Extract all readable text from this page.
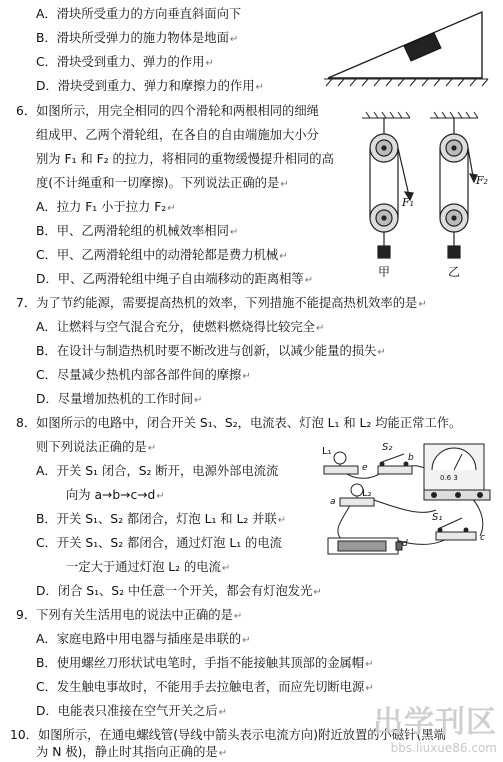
A．滑块所受重力的方向垂直斜面向下
B．滑块所受弹力的施力物体是地面↵
C．滑块受到重力、弹力的作用↵
D．滑块受到重力、弹力和摩擦力的作用↵
6．如图所示，用完全相同的四个滑轮和两根相同的细绳
组成甲、乙两个滑轮组，在各自的自由端施加大小分
别为 F₁ 和 F₂ 的拉力，将相同的重物缓慢提升相同的高
度(不计绳重和一切摩擦)。下列说法正确的是↵
A．拉力 F₁ 小于拉力 F₂↵
B．甲、乙两滑轮组的机械效率相同↵
C．甲、乙两滑轮组中的动滑轮都是费力机械↵
D．甲、乙两滑轮组中绳子自由端移动的距离相等↵
F₁
甲
F₂
乙
7．为了节约能源，需要提高热机的效率，下列措施不能提高热机效率的是↵
A．让燃料与空气混合充分，使燃料燃烧得比较完全↵
B．在设计与制造热机时要不断改进与创新，以减少能量的损失↵
C．尽量减少热机内部各部件间的摩擦↵
D．尽量增加热机的工作时间↵
8．如图所示的电路中，闭合开关 S₁、S₂，电流表、灯泡 L₁ 和 L₂ 均能正常工作。
则下列说法正确的是↵
A．开关 S₁ 闭合，S₂ 断开，电源外部电流流
向为 a→b→c→d↵
B．开关 S₁、S₂ 都闭合，灯泡 L₁ 和 L₂ 并联↵
C．开关 S₁、S₂ 都闭合，通过灯泡 L₁ 的电流
一定大于通过灯泡 L₂ 的电流↵
D．闭合 S₁、S₂ 中任意一个开关，都会有灯泡发光↵
L₁
e
S₂
b
0.6 3
L₂
a
d
S₁
c
9．下列有关生活用电的说法中正确的是↵
A．家庭电路中用电器与插座是串联的↵
B．使用螺丝刀形状试电笔时，手指不能接触其顶部的金属帽↵
C．发生触电事故时，不能用手去拉触电者，而应先切断电源↵
D．电能表只准接在空气开关之后↵
10．如图所示，在通电螺线管(导线中箭头表示电流方向)附近放置的小磁针(黑端
为 N 极)，静止时其指向正确的是↵
出学刊区
bbs.liuxue86.com
